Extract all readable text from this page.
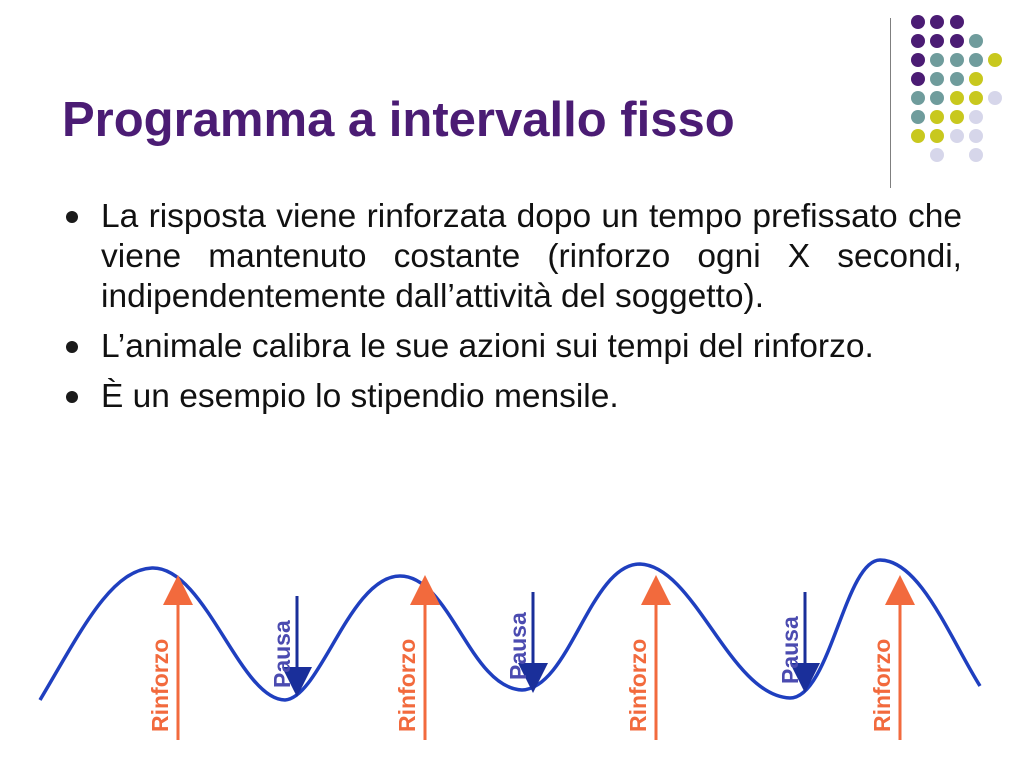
Programma a intervallo fisso
La risposta viene rinforzata dopo un tempo prefissato che viene mantenuto costante (rinforzo ogni X secondi, indipendentemente dall’attività del soggetto).
L’animale calibra le sue azioni sui tempi del rinforzo.
È un esempio lo stipendio mensile.
Rinforzo	Rinforzo	Rinforzo	Rinforzo
Pausa	Pausa	Pausa
